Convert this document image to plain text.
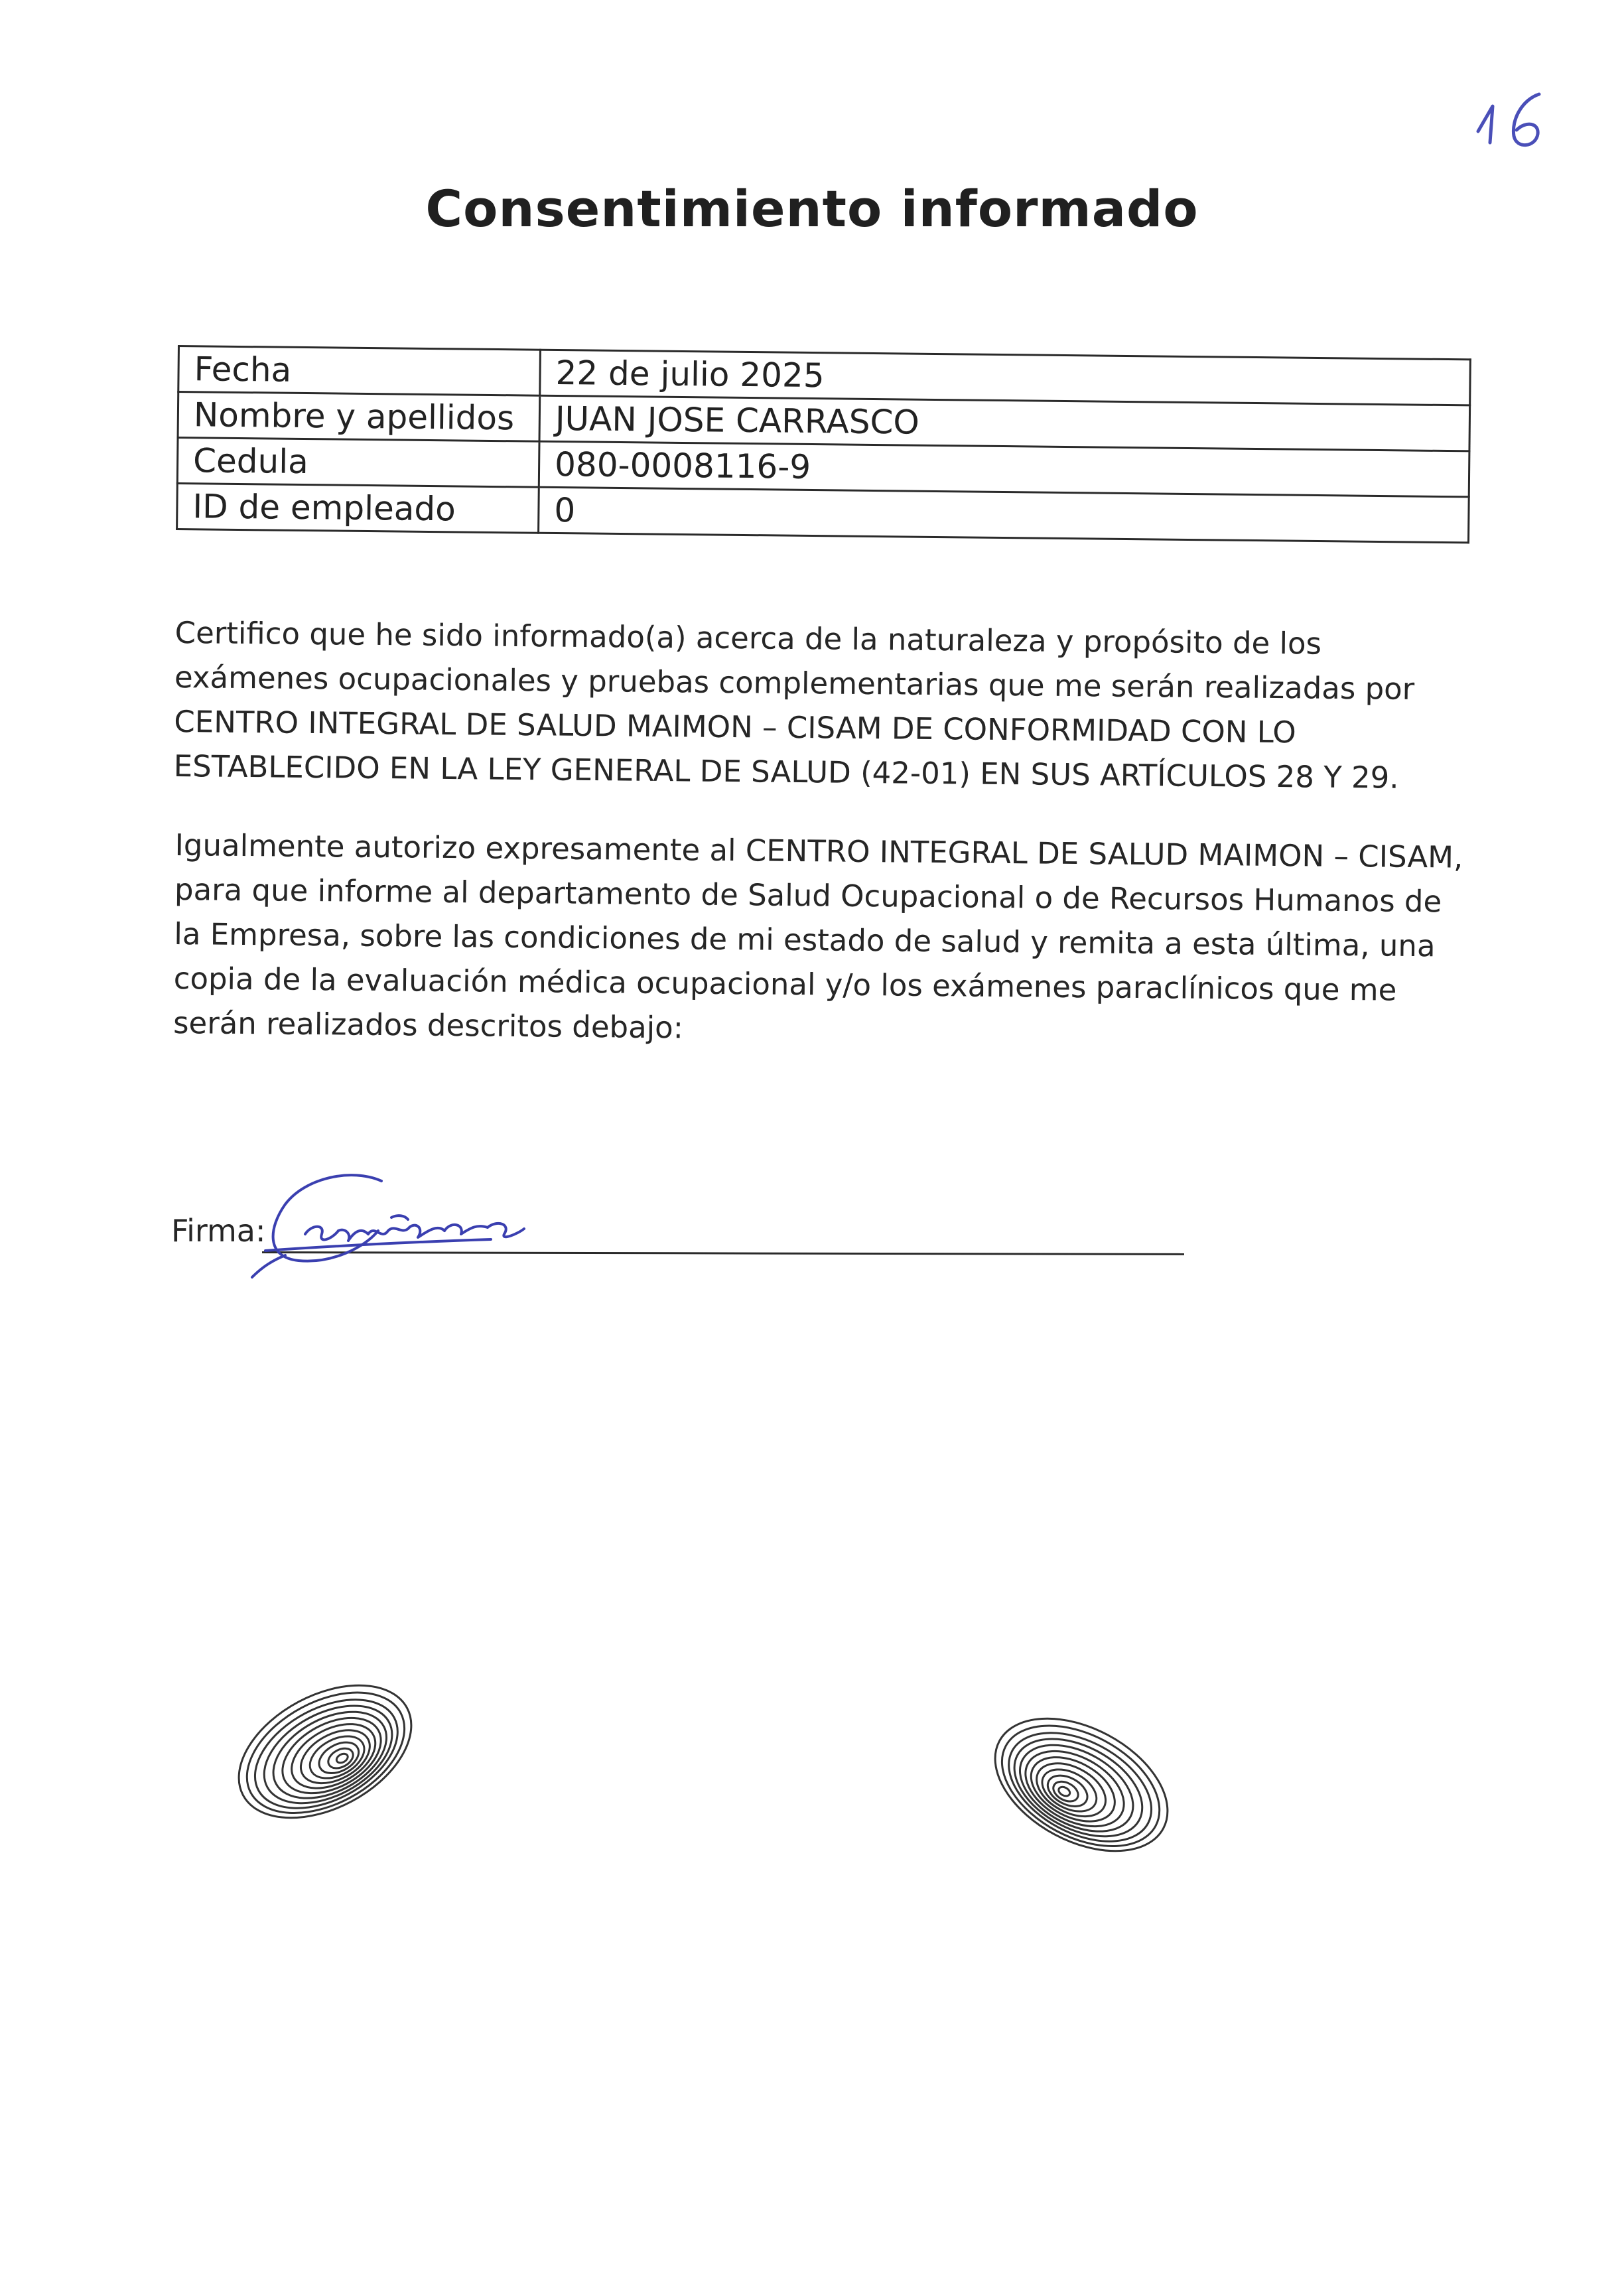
Consentimiento informado
Fecha	22 de julio 2025
Nombre y apellidos	JUAN JOSE CARRASCO
Cedula	080-0008116-9
ID de empleado	0
Certifico que he sido informado(a) acerca de la naturaleza y propósito de los exámenes ocupacionales y pruebas complementarias que me serán realizadas por CENTRO INTEGRAL DE SALUD MAIMON – CISAM DE CONFORMIDAD CON LO ESTABLECIDO EN LA LEY GENERAL DE SALUD (42-01) EN SUS ARTÍCULOS 28 Y 29.
Igualmente autorizo expresamente al CENTRO INTEGRAL DE SALUD MAIMON – CISAM, para que informe al departamento de Salud Ocupacional o de Recursos Humanos de la Empresa, sobre las condiciones de mi estado de salud y remita a esta última, una copia de la evaluación médica ocupacional y/o los exámenes paraclínicos que me serán realizados descritos debajo:
Firma:
